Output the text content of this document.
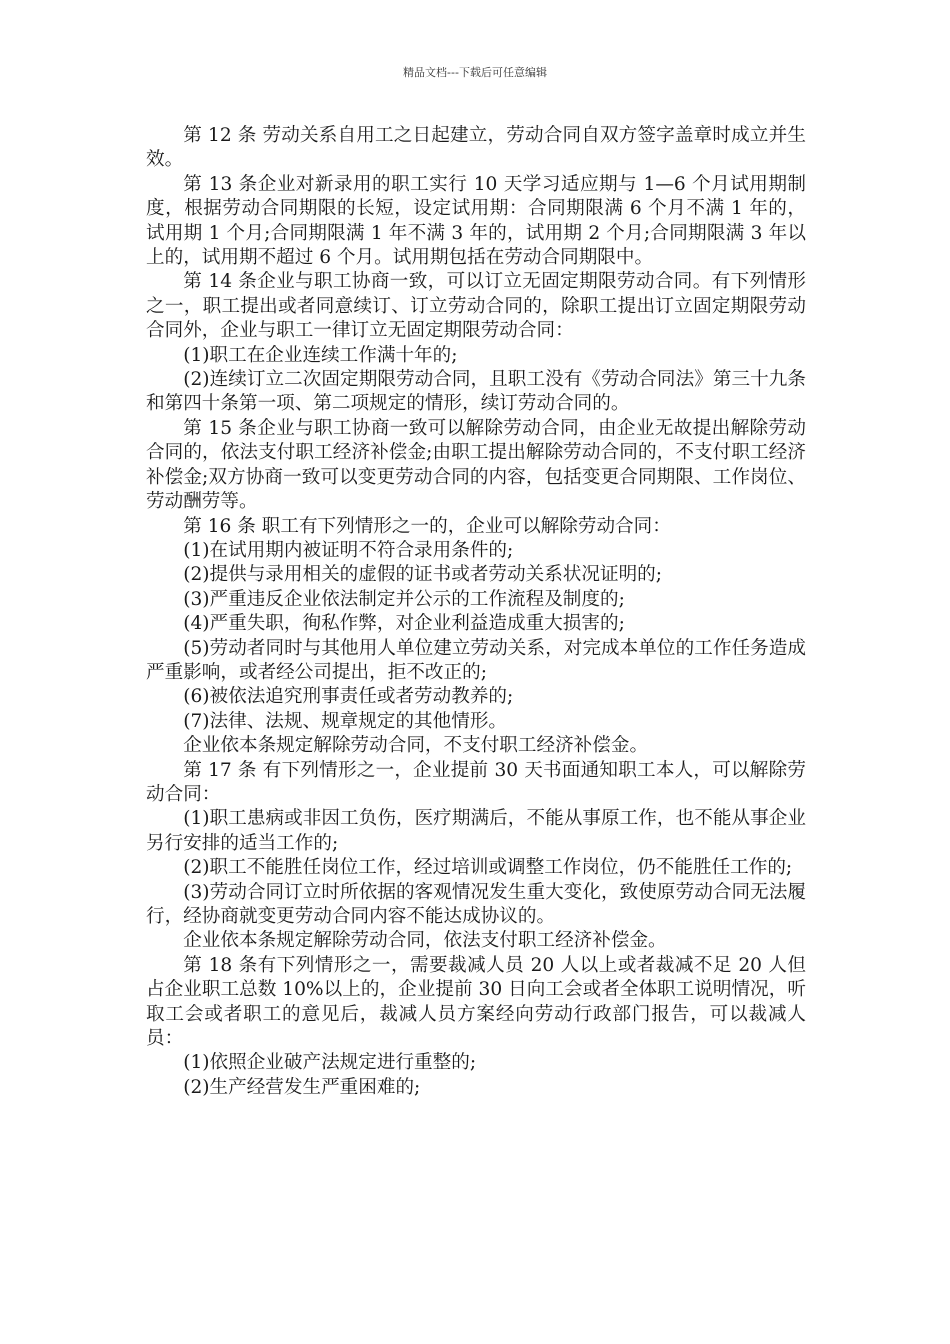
精品文档---下载后可任意编辑

第 12 条 劳动关系自用工之日起建立，劳动合同自双方签字盖章时成立并生效。

第 13 条企业对新录用的职工实行 10 天学习适应期与 1—6 个月试用期制度，根据劳动合同期限的长短，设定试用期：合同期限满 6 个月不满 1 年的，试用期 1 个月;合同期限满 1 年不满 3 年的，试用期 2 个月;合同期限满 3 年以上的，试用期不超过 6 个月。试用期包括在劳动合同期限中。

第 14 条企业与职工协商一致，可以订立无固定期限劳动合同。有下列情形之一，职工提出或者同意续订、订立劳动合同的，除职工提出订立固定期限劳动合同外，企业与职工一律订立无固定期限劳动合同：

(1)职工在企业连续工作满十年的;

(2)连续订立二次固定期限劳动合同，且职工没有《劳动合同法》第三十九条和第四十条第一项、第二项规定的情形，续订劳动合同的。

第 15 条企业与职工协商一致可以解除劳动合同，由企业无故提出解除劳动合同的，依法支付职工经济补偿金;由职工提出解除劳动合同的，不支付职工经济补偿金;双方协商一致可以变更劳动合同的内容，包括变更合同期限、工作岗位、劳动酬劳等。

第 16 条 职工有下列情形之一的，企业可以解除劳动合同：

(1)在试用期内被证明不符合录用条件的;

(2)提供与录用相关的虚假的证书或者劳动关系状况证明的;

(3)严重违反企业依法制定并公示的工作流程及制度的;

(4)严重失职，徇私作弊，对企业利益造成重大损害的;

(5)劳动者同时与其他用人单位建立劳动关系，对完成本单位的工作任务造成严重影响，或者经公司提出，拒不改正的;

(6)被依法追究刑事责任或者劳动教养的;

(7)法律、法规、规章规定的其他情形。

企业依本条规定解除劳动合同，不支付职工经济补偿金。

第 17 条 有下列情形之一，企业提前 30 天书面通知职工本人，可以解除劳动合同：

(1)职工患病或非因工负伤，医疗期满后，不能从事原工作，也不能从事企业另行安排的适当工作的;

(2)职工不能胜任岗位工作，经过培训或调整工作岗位，仍不能胜任工作的;

(3)劳动合同订立时所依据的客观情况发生重大变化，致使原劳动合同无法履行，经协商就变更劳动合同内容不能达成协议的。

企业依本条规定解除劳动合同，依法支付职工经济补偿金。

第 18 条有下列情形之一，需要裁减人员 20 人以上或者裁减不足 20 人但占企业职工总数 10%以上的，企业提前 30 日向工会或者全体职工说明情况，听取工会或者职工的意见后，裁减人员方案经向劳动行政部门报告，可以裁减人员：

(1)依照企业破产法规定进行重整的;

(2)生产经营发生严重困难的;
